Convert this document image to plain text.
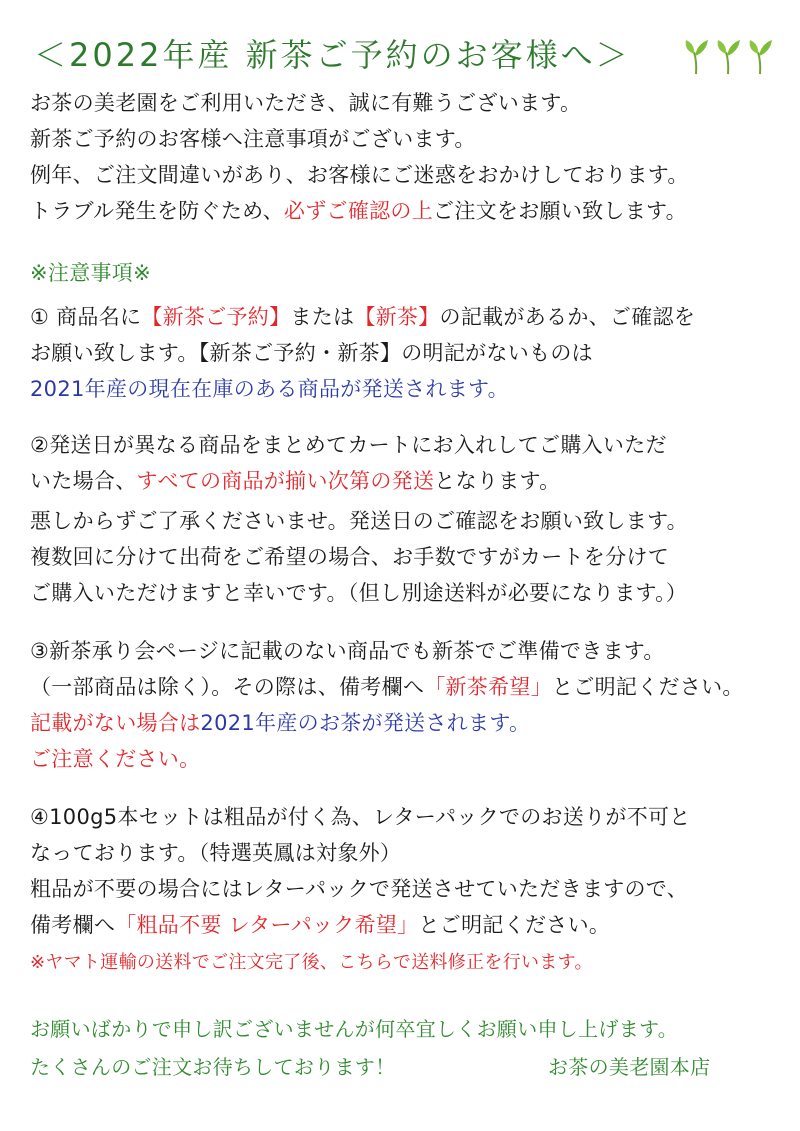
＜2022年産 新茶ご予約のお客様へ＞
お茶の美老園をご利用いただき、誠に有難うございます。
新茶ご予約のお客様へ注意事項がございます。
例年、ご注文間違いがあり、お客様にご迷惑をおかけしております。
トラブル発生を防ぐため、必ずご確認の上ご注文をお願い致します。
※注意事項※
① 商品名に【新茶ご予約】または【新茶】の記載があるか、ご確認を
お願い致します。【新茶ご予約・新茶】の明記がないものは
2021年産の現在在庫のある商品が発送されます。
②発送日が異なる商品をまとめてカートにお入れしてご購入いただ
いた場合、すべての商品が揃い次第の発送となります。
悪しからずご了承くださいませ。発送日のご確認をお願い致します。
複数回に分けて出荷をご希望の場合、お手数ですがカートを分けて
ご購入いただけますと幸いです。（但し別途送料が必要になります。）
③新茶承り会ページに記載のない商品でも新茶でご準備できます。
（一部商品は除く）。その際は、備考欄へ「新茶希望」とご明記ください。
記載がない場合は2021年産のお茶が発送されます。
ご注意ください。
④100g5本セットは粗品が付く為、レターパックでのお送りが不可と
なっております。（特選英鳳は対象外）
粗品が不要の場合にはレターパックで発送させていただきますので、
備考欄へ「粗品不要 レターパック希望」とご明記ください。
※ヤマト運輸の送料でご注文完了後、こちらで送料修正を行います。
お願いばかりで申し訳ございませんが何卒宜しくお願い申し上げます。
たくさんのご注文お待ちしております！	お茶の美老園本店
